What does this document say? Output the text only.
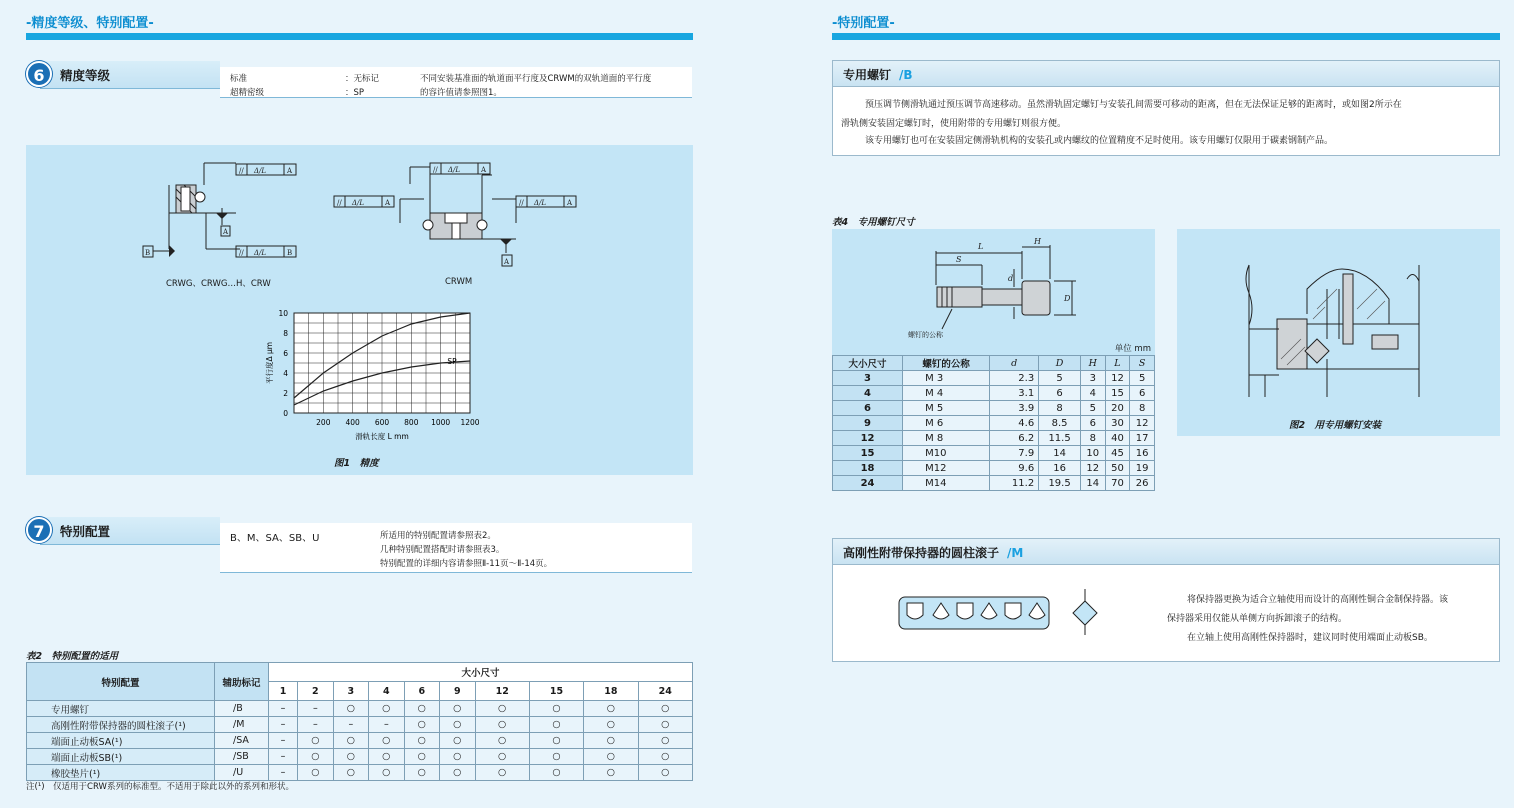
-精度等级、特别配置-
精度等级
6	标准	：无标记
超精密级	：SP
不同安装基准面的轨道面平行度及CRWM的双轨道面的平行度
的容许值请参照图1。
// Δ/L	A
// Δ/L	B
A
B
// Δ/L	A
// Δ/L	A	// Δ/L	A
A
CRWG、CRWG…H、CRW	CRWM
200 400 600 800 1000 1200
0
2
4
6
8
10
滑轨长度 L mm
平行度Δ μm	SP
图1　精度
特别配置
7	B、M、SA、SB、U	所适用的特别配置请参照表2。
几种特别配置搭配时请参照表3。
特别配置的详细内容请参照Ⅱ-11页～Ⅱ-14页。
表2　特别配置的适用
特别配置	辅助标记	大小尺寸									
		1	2	3	4	6	9	12	15	18	24
专用螺钉	/B	–	–	○	○	○	○	○	○	○	○
高刚性附带保持器的圆柱滚子(¹)	/M	–	–	–	–	○	○	○	○	○	○
端面止动板SA(¹)	/SA	–	○	○	○	○	○	○	○	○	○
端面止动板SB(¹)	/SB	–	○	○	○	○	○	○	○	○	○
橡胶垫片(¹)	/U	–	○	○	○	○	○	○	○	○	○
注(¹)　仅适用于CRW系列的标准型。不适用于除此以外的系列和形状。
-特别配置-
专用螺钉 /B

预压调节侧滑轨通过预压调节高速移动。虽然滑轨固定螺钉与安装孔间需要可移动的距离，但在无法保证足够的距离时，或如图2所示在

滑轨侧安装固定螺钉时，使用附带的专用螺钉则很方便。

该专用螺钉也可在安装固定侧滑轨机构的安装孔或内螺纹的位置精度不足时使用。该专用螺钉仅限用于碳素钢制产品。

表4　专用螺钉尺寸
L
H
S
d
D
螺钉的公称
单位 mm
大小尺寸	螺钉的公称	d	D	H	L	S
3	M 3	2.3	5	3	12	5
4	M 4	3.1	6	4	15	6
6	M 5	3.9	8	5	20	8
9	M 6	4.6	8.5	6	30	12
12	M 8	6.2	11.5	8	40	17
15	M10	7.9	14	10	45	16
18	M12	9.6	16	12	50	19
24	M14	11.2	19.5	14	70	26
图2　用专用螺钉安装
高刚性附带保持器的圆柱滚子 /M

将保持器更换为适合立轴使用而设计的高刚性铜合金制保持器。该

保持器采用仅能从单侧方向拆卸滚子的结构。

在立轴上使用高刚性保持器时，建议同时使用端面止动板SB。
